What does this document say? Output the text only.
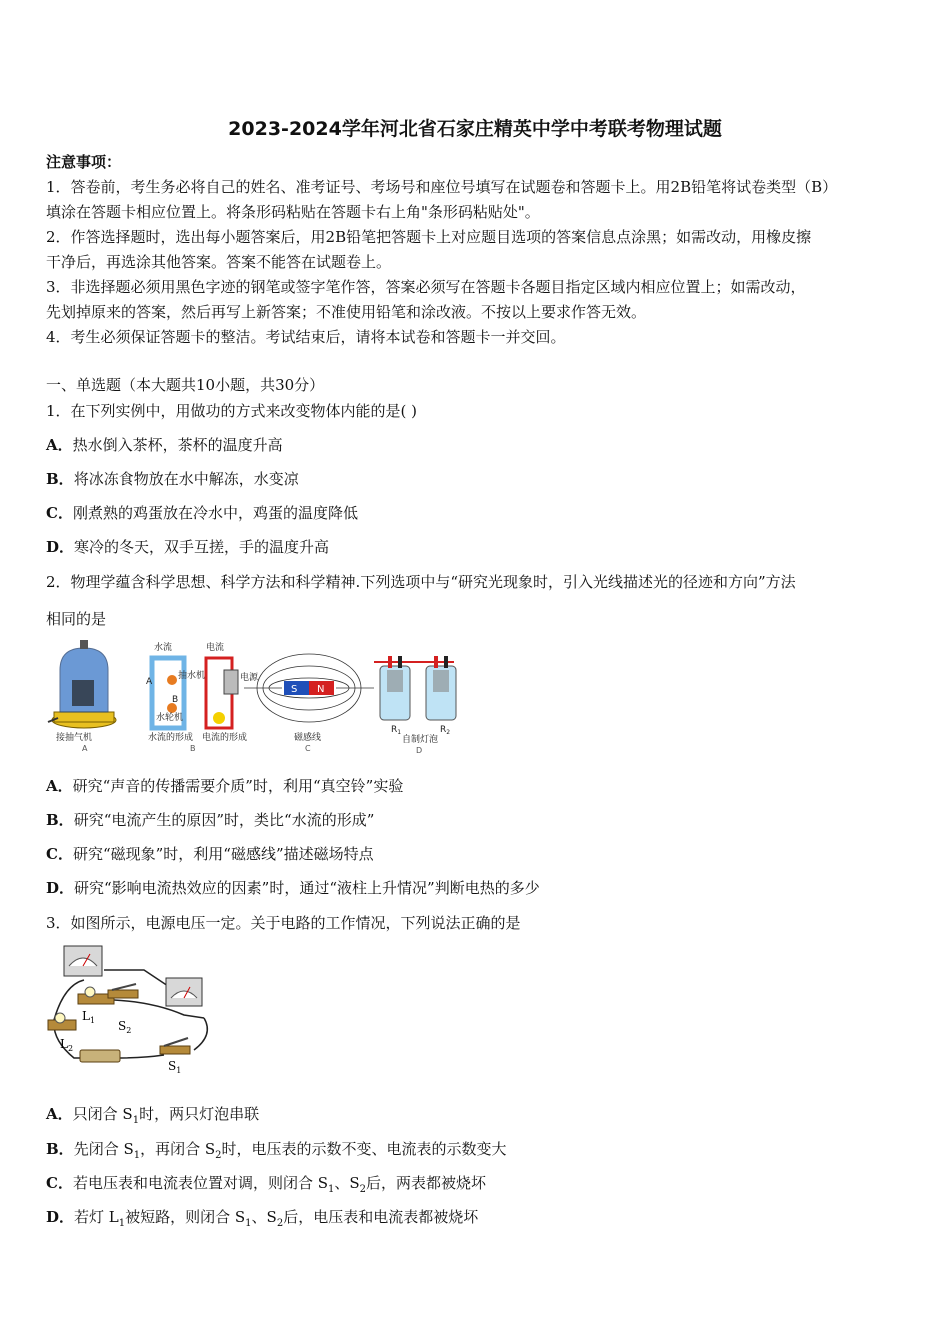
2023-2024学年河北省石家庄精英中学中考联考物理试题
注意事项：
1．答卷前，考生务必将自己的姓名、准考证号、考场号和座位号填写在试题卷和答题卡上。用2B铅笔将试卷类型（B）
填涂在答题卡相应位置上。将条形码粘贴在答题卡右上角"条形码粘贴处"。
2．作答选择题时，选出每小题答案后，用2B铅笔把答题卡上对应题目选项的答案信息点涂黑；如需改动，用橡皮擦
干净后，再选涂其他答案。答案不能答在试题卷上。
3．非选择题必须用黑色字迹的钢笔或签字笔作答，答案必须写在答题卡各题目指定区域内相应位置上；如需改动，
先划掉原来的答案，然后再写上新答案；不准使用铅笔和涂改液。不按以上要求作答无效。
4．考生必须保证答题卡的整洁。考试结束后，请将本试卷和答题卡一并交回。
一、单选题（本大题共10小题，共30分）
1．在下列实例中，用做功的方式来改变物体内能的是( )
A．热水倒入茶杯，茶杯的温度升高
B．将冰冻食物放在水中解冻，水变凉
C．刚煮熟的鸡蛋放在冷水中，鸡蛋的温度降低
D．寒冷的冬天，双手互搓，手的温度升高
2．物理学蕴含科学思想、科学方法和科学精神.下列选项中与“研究光现象时，引入光线描述光的径迹和方向”方法
相同的是
接抽气机
A
水流	电流
A
B
抽水机
水轮机
电源
水流的形成 电流的形成
B
S N
磁感线
C
$R_1$	$R_2$
自制灯泡
D
A．研究“声音的传播需要介质”时，利用“真空铃”实验
B．研究“电流产生的原因”时，类比“水流的形成”
C．研究“磁现象”时，利用“磁感线”描述磁场特点
D．研究“影响电流热效应的因素”时，通过“液柱上升情况”判断电热的多少
3．如图所示，电源电压一定。关于电路的工作情况，下列说法正确的是
$L_1$ $S_2$
$L_2$
$S_1$
A．只闭合 $S_1$时，两只灯泡串联
B．先闭合 $S_1$，再闭合 $S_2$时，电压表的示数不变、电流表的示数变大
C．若电压表和电流表位置对调，则闭合 $S_1$、$S_2$后，两表都被烧坏
D．若灯 $L_1$被短路，则闭合 $S_1$、$S_2$后，电压表和电流表都被烧坏
